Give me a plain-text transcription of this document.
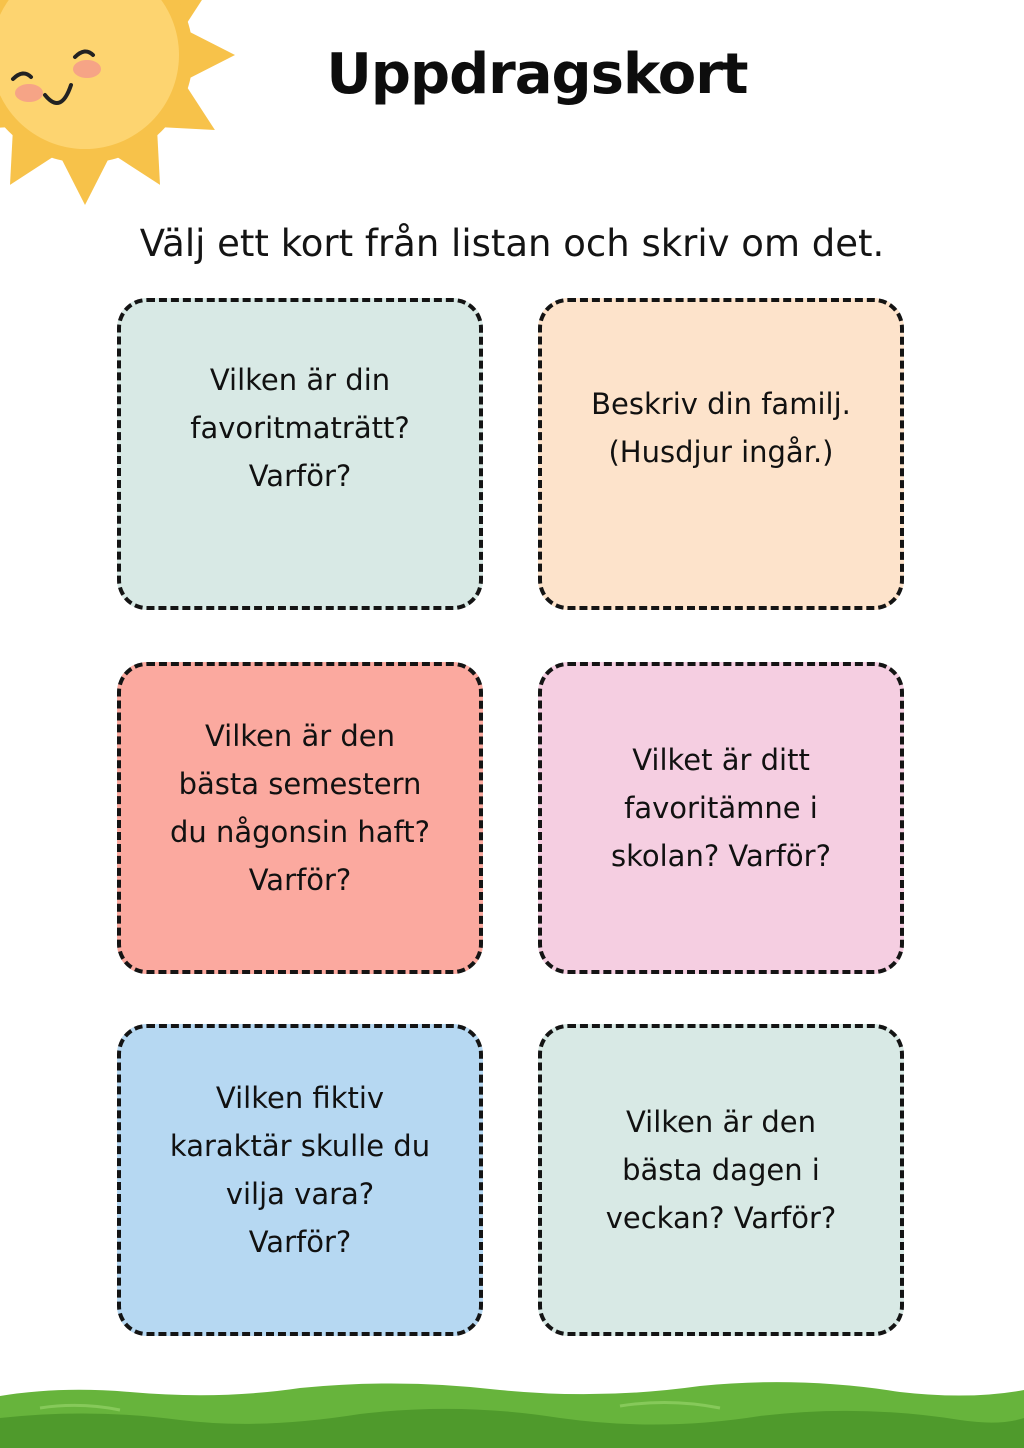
Uppdragskort

Välj ett kort från listan och skriv om det.

Vilken är din
favoritmaträtt?
Varför?
Beskriv din familj.
(Husdjur ingår.)
Vilken är den
bästa semestern
du någonsin haft?
Varför?
Vilket är ditt
favoritämne i
skolan? Varför?
Vilken fiktiv
karaktär skulle du
vilja vara?
Varför?
Vilken är den
bästa dagen i
veckan? Varför?
